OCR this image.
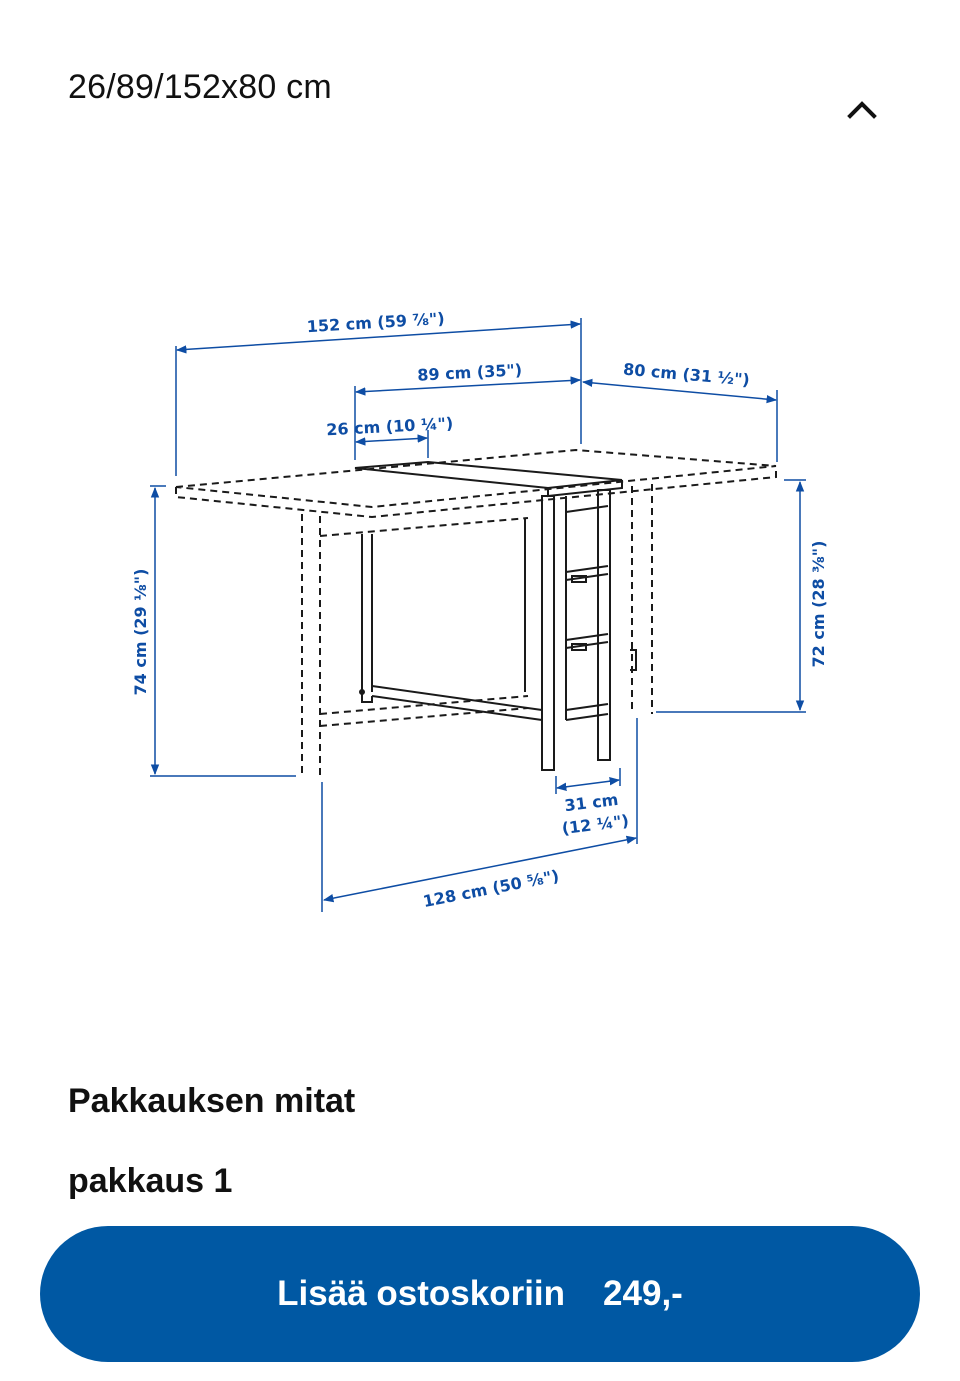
26/89/152x80 cm
152 cm (59 ⅞")
89 cm (35")
26 cm (10 ¼")
80 cm (31 ½")
74 cm (29 ⅛")	72 cm (28 ⅜")
31 cm
(12 ¼")
128 cm (50 ⅝")
Pakkauksen mitat
pakkaus 1
Lisää ostoskoriin 249,-
